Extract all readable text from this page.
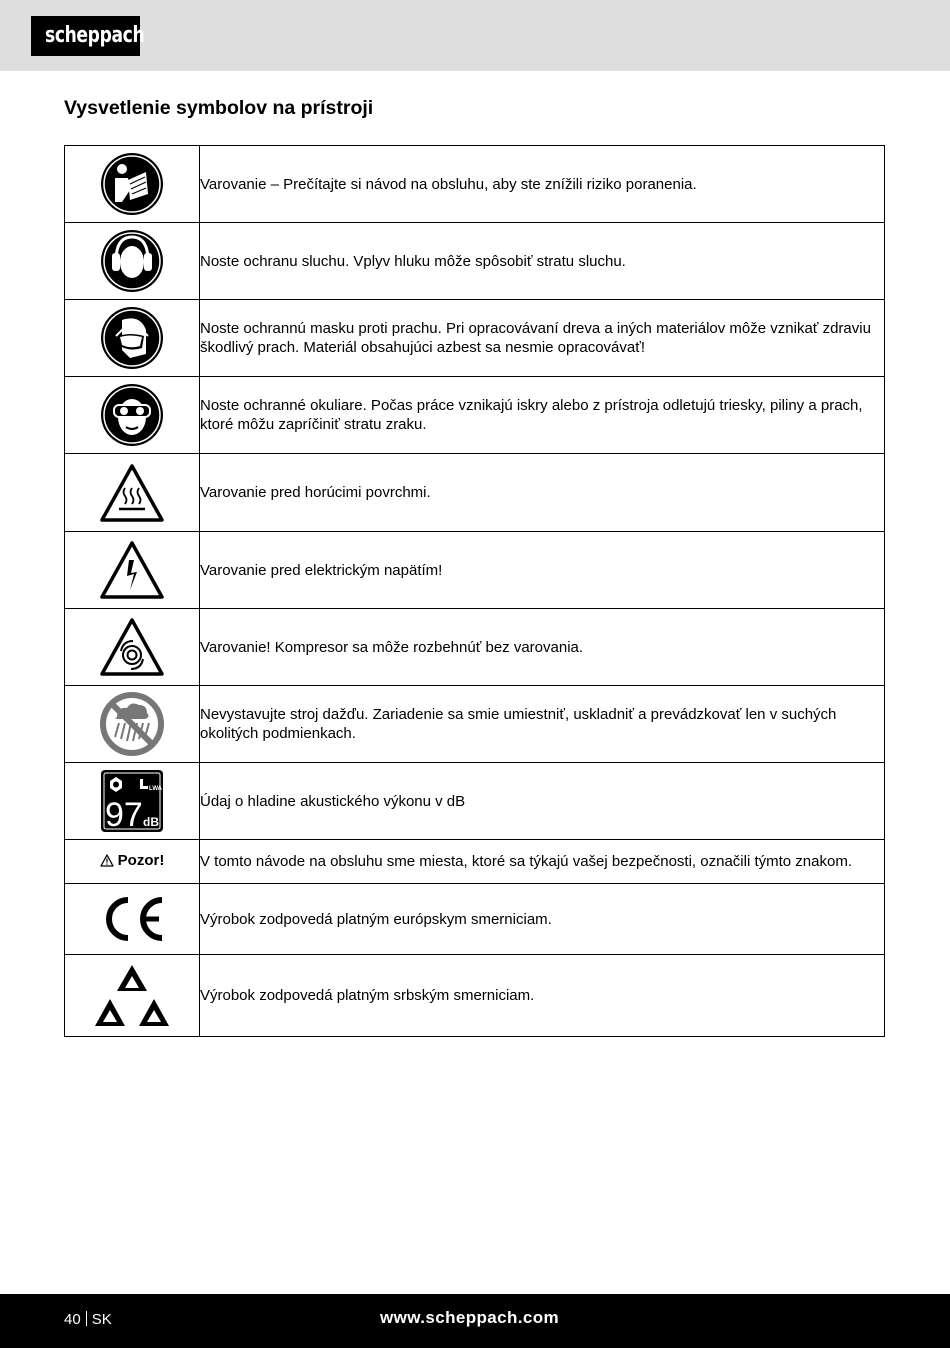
scheppach
Vysvetlenie symbolov na prístroji
	Varovanie – Prečítajte si návod na obsluhu, aby ste znížili riziko poranenia.

	Noste ochranu sluchu. Vplyv hluku môže spôsobiť stratu sluchu.

	Noste ochrannú masku proti prachu. Pri opracovávaní dreva a iných materiálov môže vznikať zdraviu škodlivý prach. Materiál obsahujúci azbest sa nesmie opracovávať!

	Noste ochranné okuliare. Počas práce vznikajú iskry alebo z prístroja odletujú triesky, piliny a prach, ktoré môžu zapríčiniť stratu zraku.

	Varovanie pred horúcimi povrchmi.

	Varovanie pred elektrickým napätím!

	Varovanie! Kompresor sa môže rozbehnúť bez varovania.

	Nevystavujte stroj dažďu. Zariadenie sa smie umiestniť, uskladniť a prevádzkovať len v suchých okolitých podmienkach.

LWA
97 dB	Údaj o hladine akustického výkonu v dB

Pozor!	V tomto návode na obsluhu sme miesta, ktoré sa týkajú vašej bezpečnosti, označili týmto znakom.

	Výrobok zodpovedá platným európskym smerniciam.

	Výrobok zodpovedá platným srbským smerniciam.
40 SK	www.scheppach.com
